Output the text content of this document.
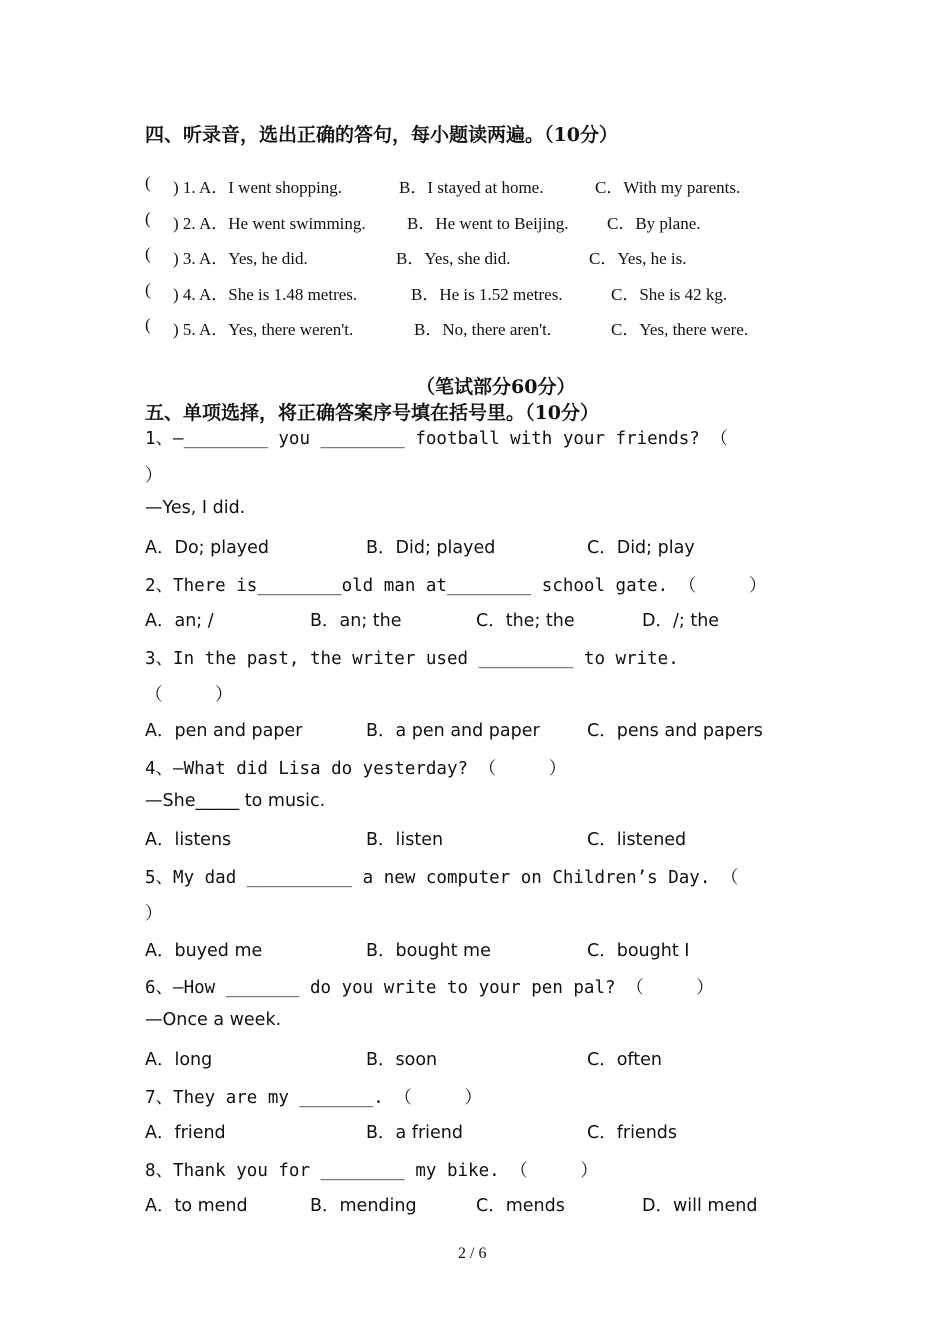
四、听录音，选出正确的答句，每小题读两遍。（10分）
( ) 1. A．I went shopping.	B．I stayed at home.	C．With my parents.
( ) 2. A．He went swimming. B．He went to Beijing. C．By plane.
( ) 3. A．Yes, he did.	B．Yes, she did.	C．Yes, he is.
( ) 4. A．She is 1.48 metres.	B．He is 1.52 metres.	C．She is 42 kg.
( ) 5. A．Yes, there weren't.	B．No, there aren't.	C．Yes, there were.
（笔试部分60分）
五、单项选择，将正确答案序号填在括号里。（10分）
1、—________ you ________ football with your friends? （
）
—Yes, I did.
A．Do; played	B．Did; played	C．Did; play
2、There is________old man at________ school gate. （     ）
A．an; /	B．an; the	C．the; the	D．/; the
3、In the past, the writer used _________ to write.
（     ）
A．pen and paper	B．a pen and paper	C．pens and papers
4、—What did Lisa do yesterday? （     ）
—She_____ to music.
A．listens	B．listen	C．listened
5、My dad __________ a new computer on Children’s Day. （
）
A．buyed me	B．bought me	C．bought I
6、—How _______ do you write to your pen pal? （     ）
—Once a week.
A．long	B．soon	C．often
7、They are my _______. （     ）
A．friend	B．a friend	C．friends
8、Thank you for ________ my bike. （     ）
A．to mend	B．mending	C．mends	D．will mend
2 / 6
